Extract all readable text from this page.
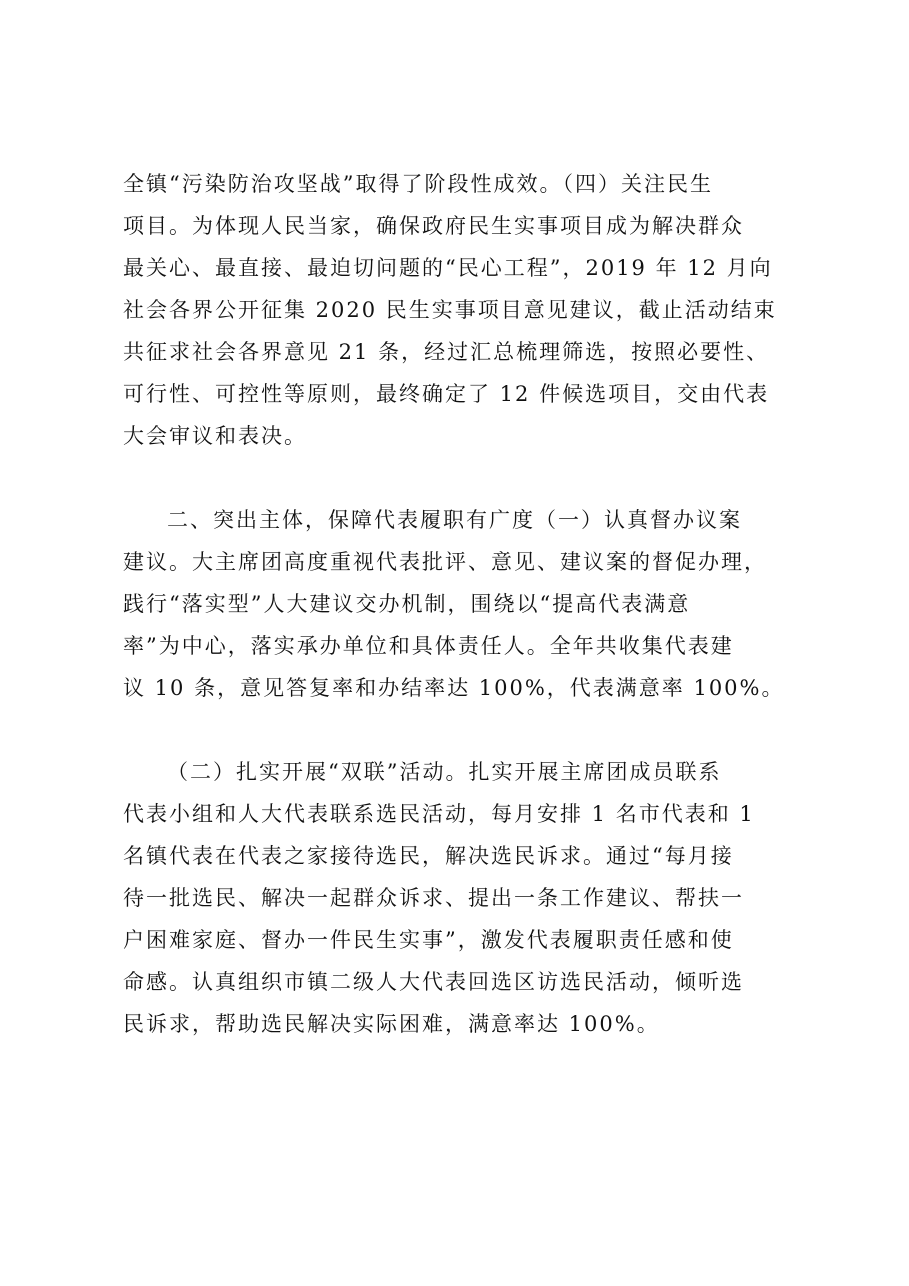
全镇“污染防治攻坚战”取得了阶段性成效。（四）关注民生
项目。为体现人民当家，确保政府民生实事项目成为解决群众
最关心、最直接、最迫切问题的“民心工程”，2019 年 12 月向
社会各界公开征集 2020 民生实事项目意见建议，截止活动结束
共征求社会各界意见 21 条，经过汇总梳理筛选，按照必要性、
可行性、可控性等原则，最终确定了 12 件候选项目，交由代表
大会审议和表决。
二、突出主体，保障代表履职有广度（一）认真督办议案
建议。大主席团高度重视代表批评、意见、建议案的督促办理，
践行“落实型”人大建议交办机制，围绕以“提高代表满意
率”为中心，落实承办单位和具体责任人。全年共收集代表建
议 10 条，意见答复率和办结率达 100%，代表满意率 100%。
（二）扎实开展“双联”活动。扎实开展主席团成员联系
代表小组和人大代表联系选民活动，每月安排 1 名市代表和 1
名镇代表在代表之家接待选民，解决选民诉求。通过“每月接
待一批选民、解决一起群众诉求、提出一条工作建议、帮扶一
户困难家庭、督办一件民生实事”，激发代表履职责任感和使
命感。认真组织市镇二级人大代表回选区访选民活动，倾听选
民诉求，帮助选民解决实际困难，满意率达 100%。
